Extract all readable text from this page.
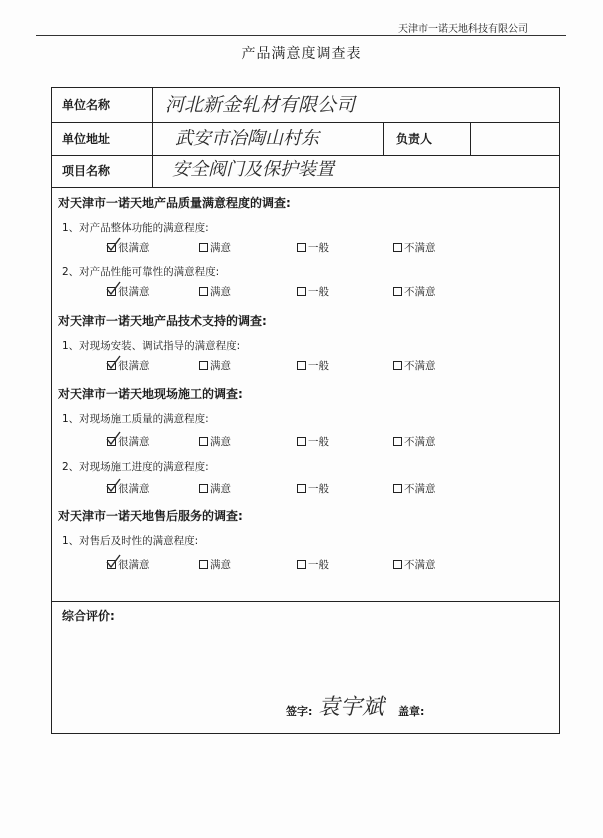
天津市一诺天地科技有限公司
产品满意度调查表
单位名称	河北新金轧材有限公司
单位地址	武安市冶陶山村东	负责人
项目名称	安全阀门及保护装置
对天津市一诺天地产品质量满意程度的调查:
1、对产品整体功能的满意程度:
2、对产品性能可靠性的满意程度:
对天津市一诺天地产品技术支持的调查:
1、对现场安装、调试指导的满意程度:
对天津市一诺天地现场施工的调查:
1、对现场施工质量的满意程度:
2、对现场施工进度的满意程度:
对天津市一诺天地售后服务的调查:
1、对售后及时性的满意程度:
很满意	满意	一般	不满意
很满意	满意	一般	不满意
很满意	满意	一般	不满意
很满意	满意	一般	不满意
很满意	满意	一般	不满意
很满意	满意	一般	不满意
综合评价:
签字: 袁宇斌 盖章:
